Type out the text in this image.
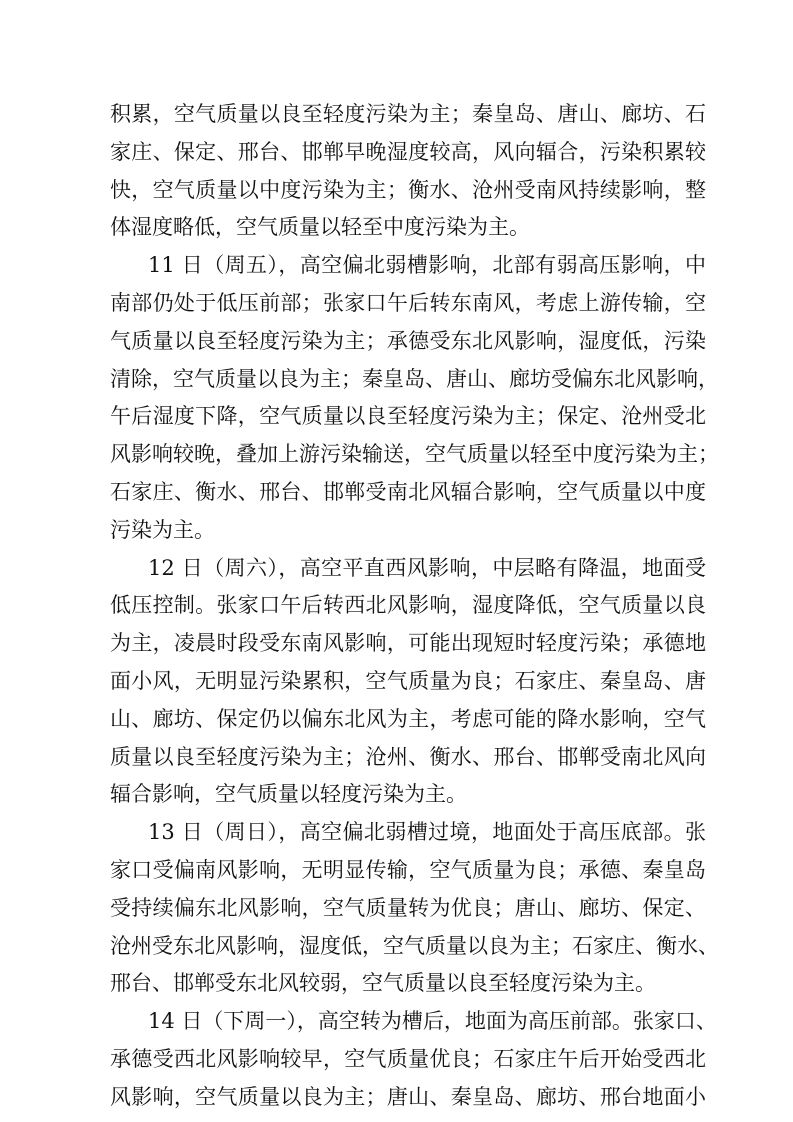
积累，空气质量以良至轻度污染为主；秦皇岛、唐山、廊坊、石
家庄、保定、邢台、邯郸早晚湿度较高，风向辐合，污染积累较
快，空气质量以中度污染为主；衡水、沧州受南风持续影响，整
体湿度略低，空气质量以轻至中度污染为主。
11 日（周五），高空偏北弱槽影响，北部有弱高压影响，中
南部仍处于低压前部；张家口午后转东南风，考虑上游传输，空
气质量以良至轻度污染为主；承德受东北风影响，湿度低，污染
清除，空气质量以良为主；秦皇岛、唐山、廊坊受偏东北风影响，
午后湿度下降，空气质量以良至轻度污染为主；保定、沧州受北
风影响较晚，叠加上游污染输送，空气质量以轻至中度污染为主；
石家庄、衡水、邢台、邯郸受南北风辐合影响，空气质量以中度
污染为主。
12 日（周六），高空平直西风影响，中层略有降温，地面受
低压控制。张家口午后转西北风影响，湿度降低，空气质量以良
为主，凌晨时段受东南风影响，可能出现短时轻度污染；承德地
面小风，无明显污染累积，空气质量为良；石家庄、秦皇岛、唐
山、廊坊、保定仍以偏东北风为主，考虑可能的降水影响，空气
质量以良至轻度污染为主；沧州、衡水、邢台、邯郸受南北风向
辐合影响，空气质量以轻度污染为主。
13 日（周日），高空偏北弱槽过境，地面处于高压底部。张
家口受偏南风影响，无明显传输，空气质量为良；承德、秦皇岛
受持续偏东北风影响，空气质量转为优良；唐山、廊坊、保定、
沧州受东北风影响，湿度低，空气质量以良为主；石家庄、衡水、
邢台、邯郸受东北风较弱，空气质量以良至轻度污染为主。
14 日（下周一），高空转为槽后，地面为高压前部。张家口、
承德受西北风影响较早，空气质量优良；石家庄午后开始受西北
风影响，空气质量以良为主；唐山、秦皇岛、廊坊、邢台地面小
